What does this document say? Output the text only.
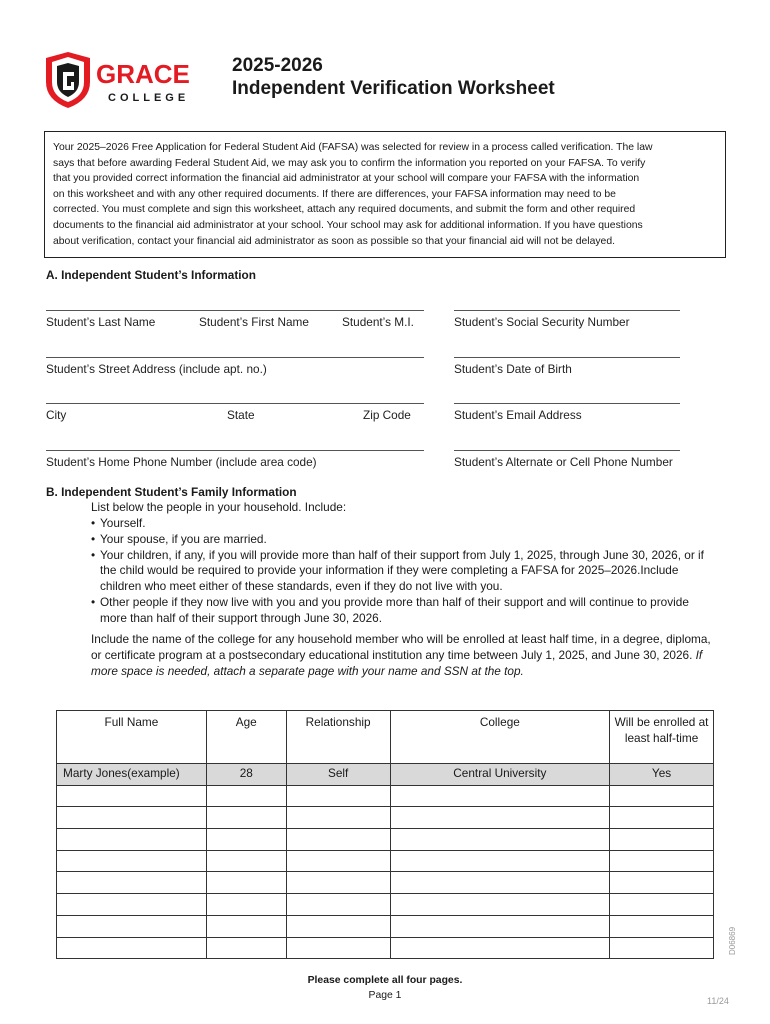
GRACE
COLLEGE
2025-2026
Independent Verification Worksheet
Your 2025–2026 Free Application for Federal Student Aid (FAFSA) was selected for review in a process called verification. The law
says that before awarding Federal Student Aid, we may ask you to confirm the information you reported on your FAFSA. To verify
that you provided correct information the financial aid administrator at your school will compare your FAFSA with the information
on this worksheet and with any other required documents. If there are differences, your FAFSA information may need to be
corrected. You must complete and sign this worksheet, attach any required documents, and submit the form and other required
documents to the financial aid administrator at your school. Your school may ask for additional information. If you have questions
about verification, contact your financial aid administrator as soon as possible so that your financial aid will not be delayed.
A. Independent Student’s Information
Student’s Last Name	Student’s First Name	Student’s M.I.	Student’s Social Security Number
Student’s Street Address (include apt. no.)	Student’s Date of Birth
City	State	Zip Code	Student’s Email Address
Student’s Home Phone Number (include area code)	Student’s Alternate or Cell Phone Number
B. Independent Student’s Family Information
List below the people in your household. Include:
• Yourself.
• Your spouse, if you are married.
• Your children, if any, if you will provide more than half of their support from July 1, 2025, through June 30, 2026, or if the child would be required to provide your information if they were completing a FAFSA for 2025–2026.Include children who meet either of these standards, even if they do not live with you.
• Other people if they now live with you and you provide more than half of their support and will continue to provide more than half of their support through June 30, 2026.
Include the name of the college for any household member who will be enrolled at least half time, in a degree, diploma, or certificate program at a postsecondary educational institution any time between July 1, 2025, and June 30, 2026. If more space is needed, attach a separate page with your name and SSN at the top.
Full Name	Age	Relationship	College	Will be enrolled at least half-time
Marty Jones(example)	28	Self	Central University	Yes

D06869
Please complete all four pages.
Page 1	11/24
